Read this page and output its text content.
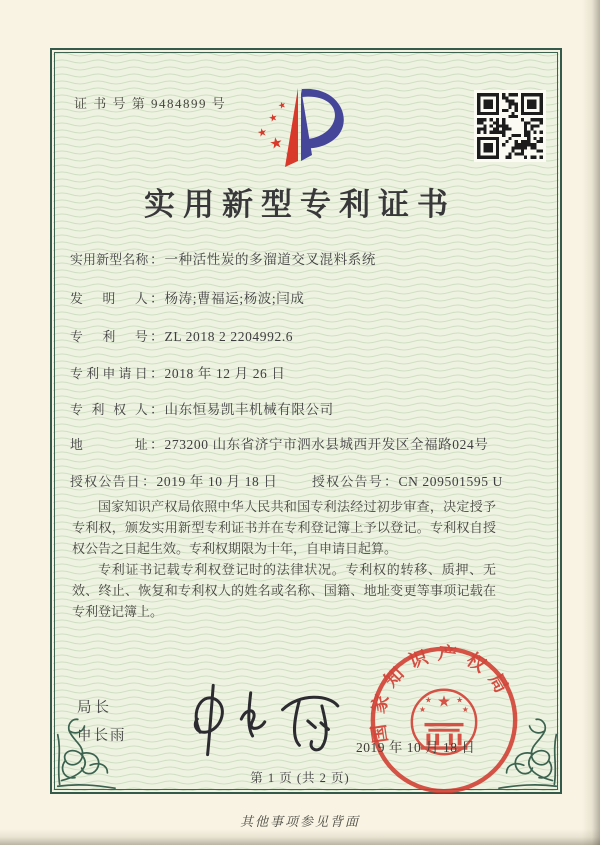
证 书 号 第 9484899 号	★
★
★
★
★
实用新型专利证书
实用新型名称 ： 一种活性炭的多溜道交叉混料系统
发明人 ： 杨涛;曹福运;杨波;闫成
专利号 ： ZL 2018 2 2204992.6
专利申请日 ： 2018 年 12 月 26 日
专利权人 ： 山东恒易凯丰机械有限公司
地址 ： 273200 山东省济宁市泗水县城西开发区全福路024号
授权公告日 ： 2019 年 10 月 18 日	授权公告号 ： CN 209501595 U

国家知识产权局依照中华人民共和国专利法经过初步审查，决定授予专利权，颁发实用新型专利证书并在专利登记簿上予以登记。专利权自授权公告之日起生效。专利权期限为十年，自申请日起算。

专利证书记载专利权登记时的法律状况。专利权的转移、质押、无效、终止、恢复和专利权人的姓名或名称、国籍、地址变更等事项记载在专利登记簿上。

局长
申长雨	国家知识产权局
★
★	★
★	★
2019 年 10 月 18 日
第 1 页 (共 2 页)
其他事项参见背面
